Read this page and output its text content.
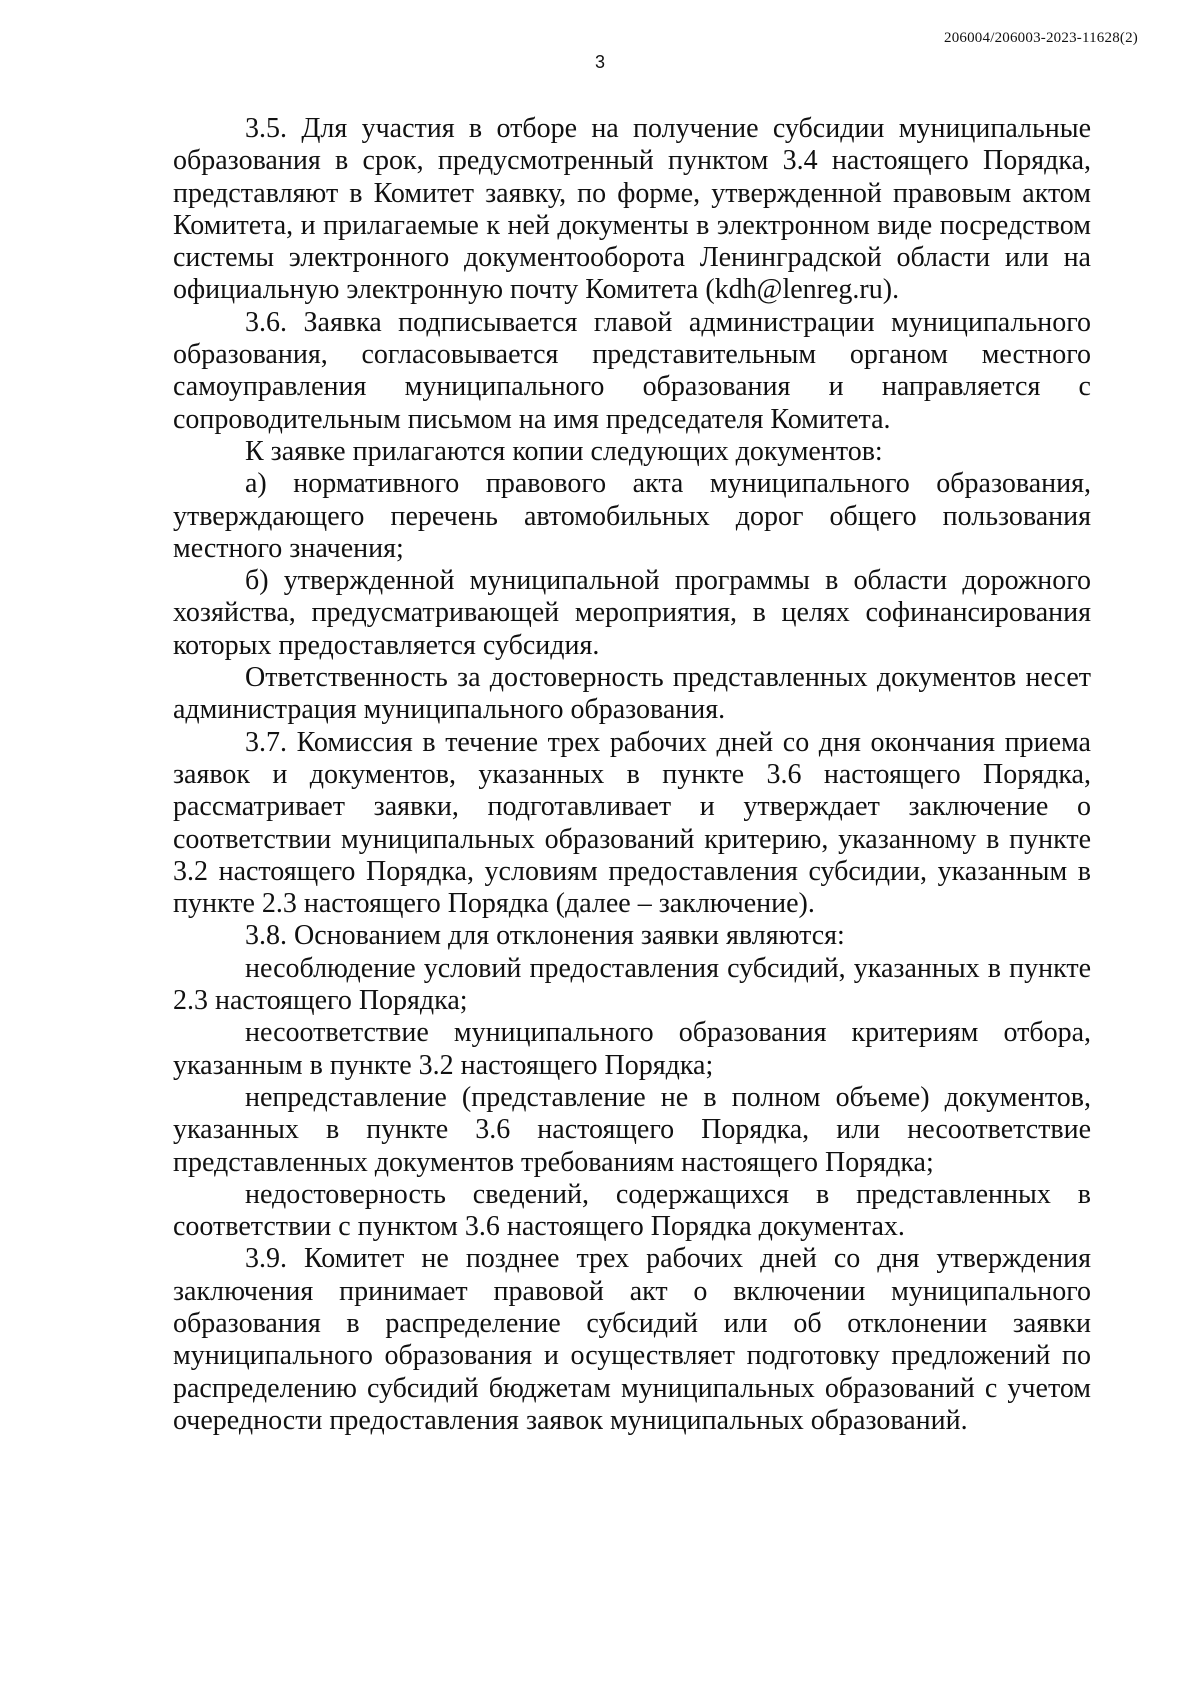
206004/206003-2023-11628(2)
3

3.5. Для участия в отборе на получение субсидии муниципальные образования в срок, предусмотренный пунктом 3.4 настоящего Порядка, представляют в Комитет заявку, по форме, утвержденной правовым актом Комитета, и прилагаемые к ней документы в электронном виде посредством системы электронного документооборота Ленинградской области или на официальную электронную почту Комитета (kdh@lenreg.ru).

3.6. Заявка подписывается главой администрации муниципального образования, согласовывается представительным органом местного самоуправления муниципального образования и направляется с сопроводительным письмом на имя председателя Комитета.

К заявке прилагаются копии следующих документов:

а) нормативного правового акта муниципального образования, утверждающего перечень автомобильных дорог общего пользования местного значения;

б) утвержденной муниципальной программы в области дорожного хозяйства, предусматривающей мероприятия, в целях софинансирования которых предоставляется субсидия.

Ответственность за достоверность представленных документов несет администрация муниципального образования.

3.7. Комиссия в течение трех рабочих дней со дня окончания приема заявок и документов, указанных в пункте 3.6 настоящего Порядка, рассматривает заявки, подготавливает и утверждает заключение о соответствии муниципальных образований критерию, указанному в пункте 3.2 настоящего Порядка, условиям предоставления субсидии, указанным в пункте 2.3 настоящего Порядка (далее – заключение).

3.8. Основанием для отклонения заявки являются:

несоблюдение условий предоставления субсидий, указанных в пункте 2.3 настоящего Порядка;

несоответствие муниципального образования критериям отбора, указанным в пункте 3.2 настоящего Порядка;

непредставление (представление не в полном объеме) документов, указанных в пункте 3.6 настоящего Порядка, или несоответствие представленных документов требованиям настоящего Порядка;

недостоверность сведений, содержащихся в представленных в соответствии с пунктом 3.6 настоящего Порядка документах.

3.9. Комитет не позднее трех рабочих дней со дня утверждения заключения принимает правовой акт о включении муниципального образования в распределение субсидий или об отклонении заявки муниципального образования и осуществляет подготовку предложений по распределению субсидий бюджетам муниципальных образований с учетом очередности предоставления заявок муниципальных образований.
